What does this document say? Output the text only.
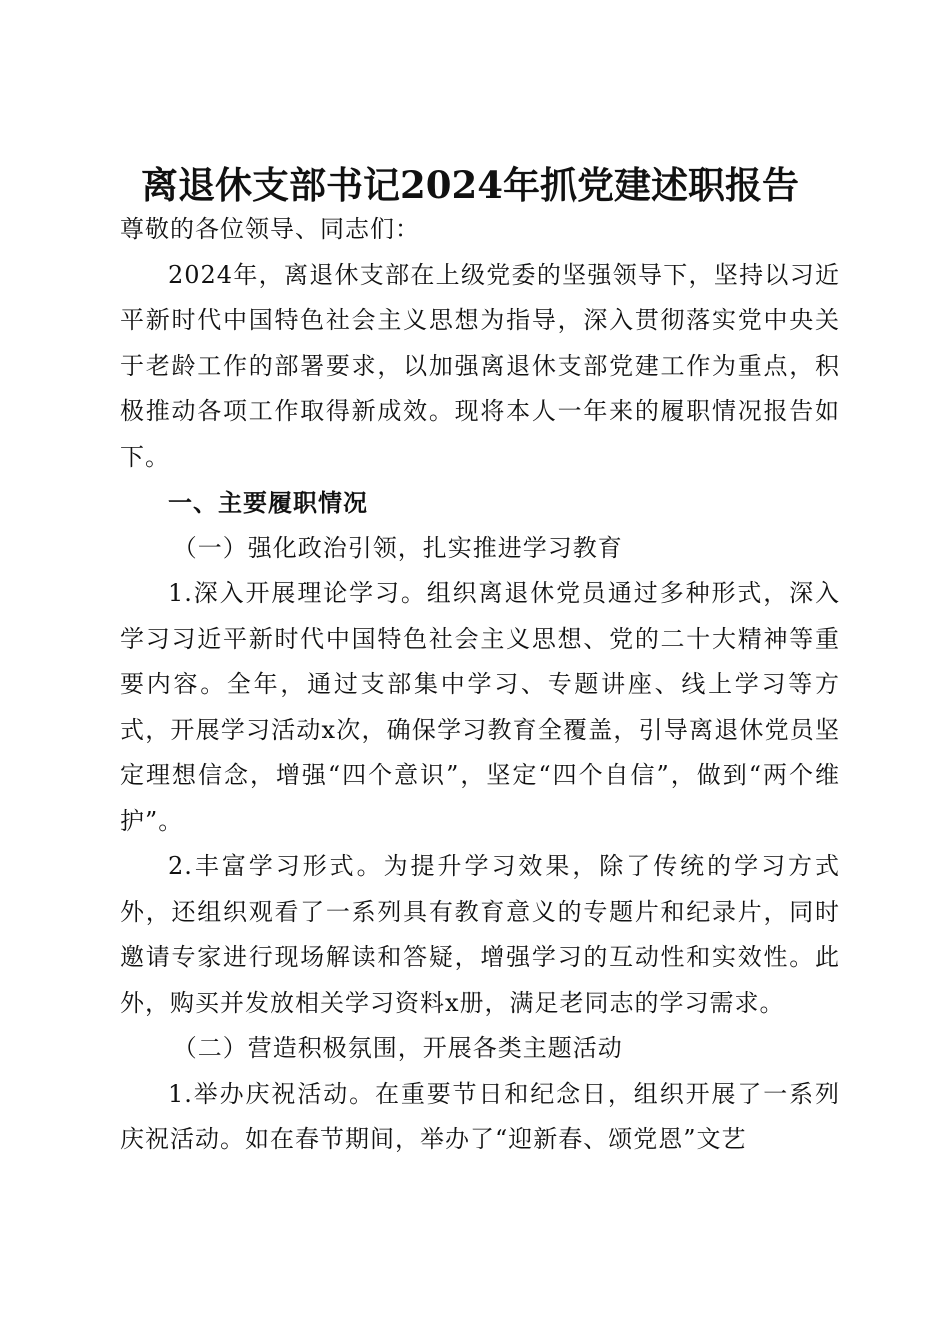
离退休支部书记2024年抓党建述职报告

尊敬的各位领导、同志们：

2024年，离退休支部在上级党委的坚强领导下，坚持以习近平新时代中国特色社会主义思想为指导，深入贯彻落实党中央关于老龄工作的部署要求，以加强离退休支部党建工作为重点，积极推动各项工作取得新成效。现将本人一年来的履职情况报告如下。

一、主要履职情况

（一）强化政治引领，扎实推进学习教育

1.深入开展理论学习。组织离退休党员通过多种形式，深入学习习近平新时代中国特色社会主义思想、党的二十大精神等重要内容。全年，通过支部集中学习、专题讲座、线上学习等方式，开展学习活动x次，确保学习教育全覆盖，引导离退休党员坚定理想信念，增强“四个意识”，坚定“四个自信”，做到“两个维护”。

2.丰富学习形式。为提升学习效果，除了传统的学习方式外，还组织观看了一系列具有教育意义的专题片和纪录片，同时邀请专家进行现场解读和答疑，增强学习的互动性和实效性。此外，购买并发放相关学习资料x册，满足老同志的学习需求。

（二）营造积极氛围，开展各类主题活动

1.举办庆祝活动。在重要节日和纪念日，组织开展了一系列庆祝活动。如在春节期间，举办了“迎新春、颂党恩”文艺
